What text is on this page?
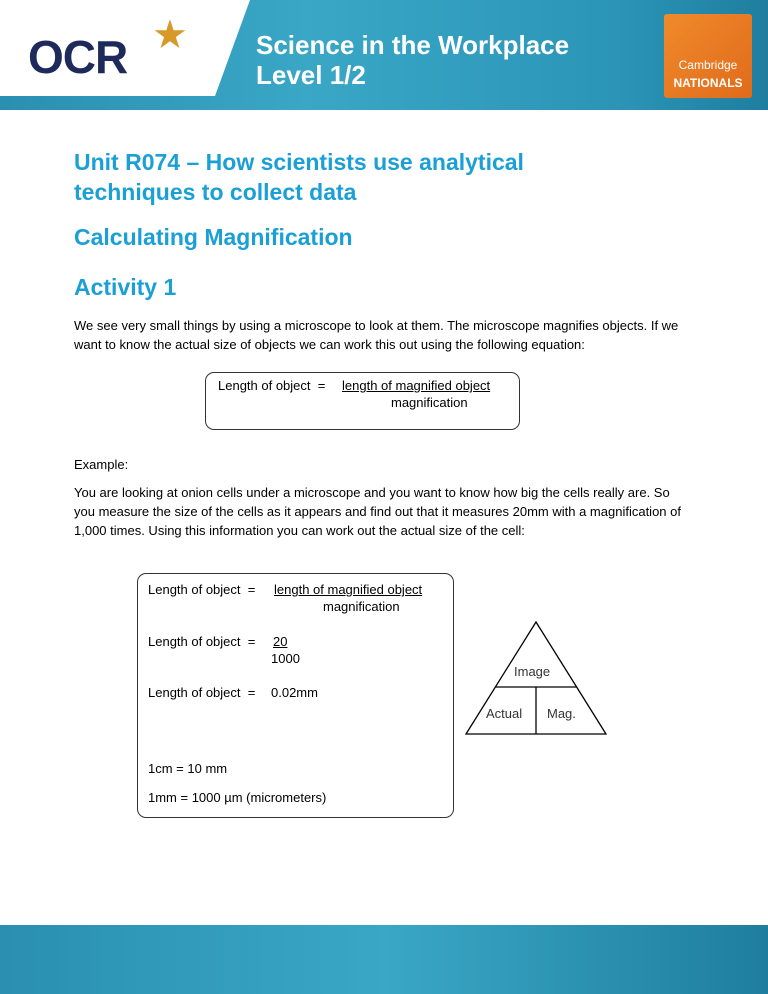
OCR ★	Science in the Workplace
Level 1/2	Cambridge
NATIONALS
Unit R074 – How scientists use analytical
techniques to collect data
Calculating Magnification
Activity 1

We see very small things by using a microscope to look at them. The microscope magnifies objects. If we want to know the actual size of objects we can work this out using the following equation:

Length of object  = length of magnified object
magnification

Example:

You are looking at onion cells under a microscope and you want to know how big the cells really are. So you measure the size of the cells as it appears and find out that it measures 20mm with a magnification of 1,000 times. Using this information you can work out the actual size of the cell:

Length of object  = length of magnified object
magnification
Length of object  = 20
1000
Length of object  = 0.02mm
1cm = 10 mm
1mm = 1000 µm (micrometers)
Image
Actual Mag.
